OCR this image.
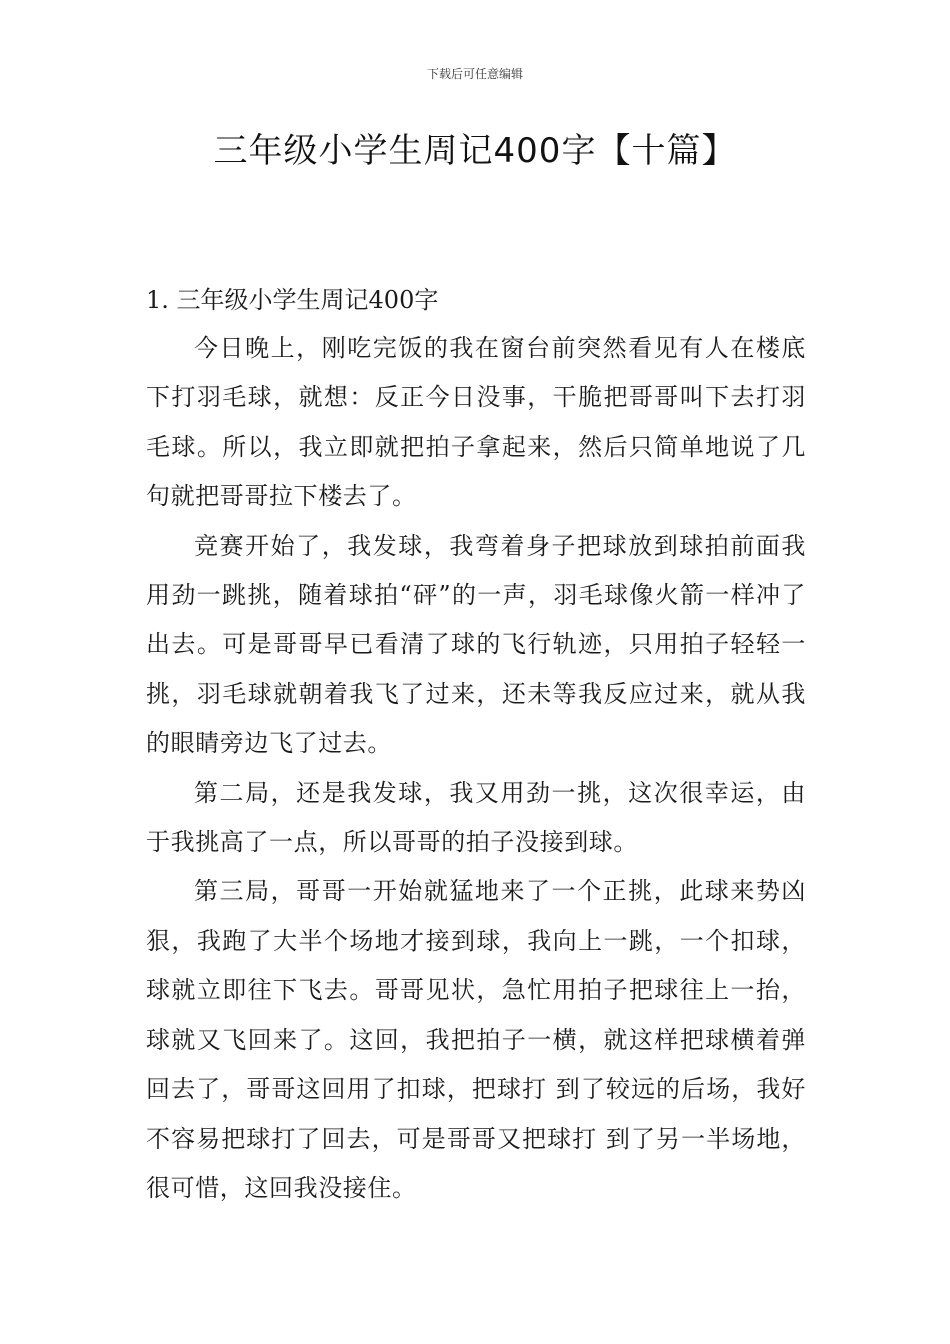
下载后可任意编辑
三年级小学生周记400字【十篇】

1. 三年级小学生周记400字

今日晚上，刚吃完饭的我在窗台前突然看见有人在楼底下打羽毛球，就想：反正今日没事，干脆把哥哥叫下去打羽毛球。所以，我立即就把拍子拿起来，然后只简单地说了几句就把哥哥拉下楼去了。

竞赛开始了，我发球，我弯着身子把球放到球拍前面我用劲一跳挑，随着球拍“砰”的一声，羽毛球像火箭一样冲了出去。可是哥哥早已看清了球的飞行轨迹，只用拍子轻轻一挑，羽毛球就朝着我飞了过来，还未等我反应过来，就从我的眼睛旁边飞了过去。

第二局，还是我发球，我又用劲一挑，这次很幸运，由于我挑高了一点，所以哥哥的拍子没接到球。

第三局，哥哥一开始就猛地来了一个正挑，此球来势凶狠，我跑了大半个场地才接到球，我向上一跳，一个扣球，球就立即往下飞去。哥哥见状，急忙用拍子把球往上一抬，球就又飞回来了。这回，我把拍子一横，就这样把球横着弹回去了，哥哥这回用了扣球，把球打 到了较远的后场，我好不容易把球打了回去，可是哥哥又把球打 到了另一半场地，很可惜，这回我没接住。
